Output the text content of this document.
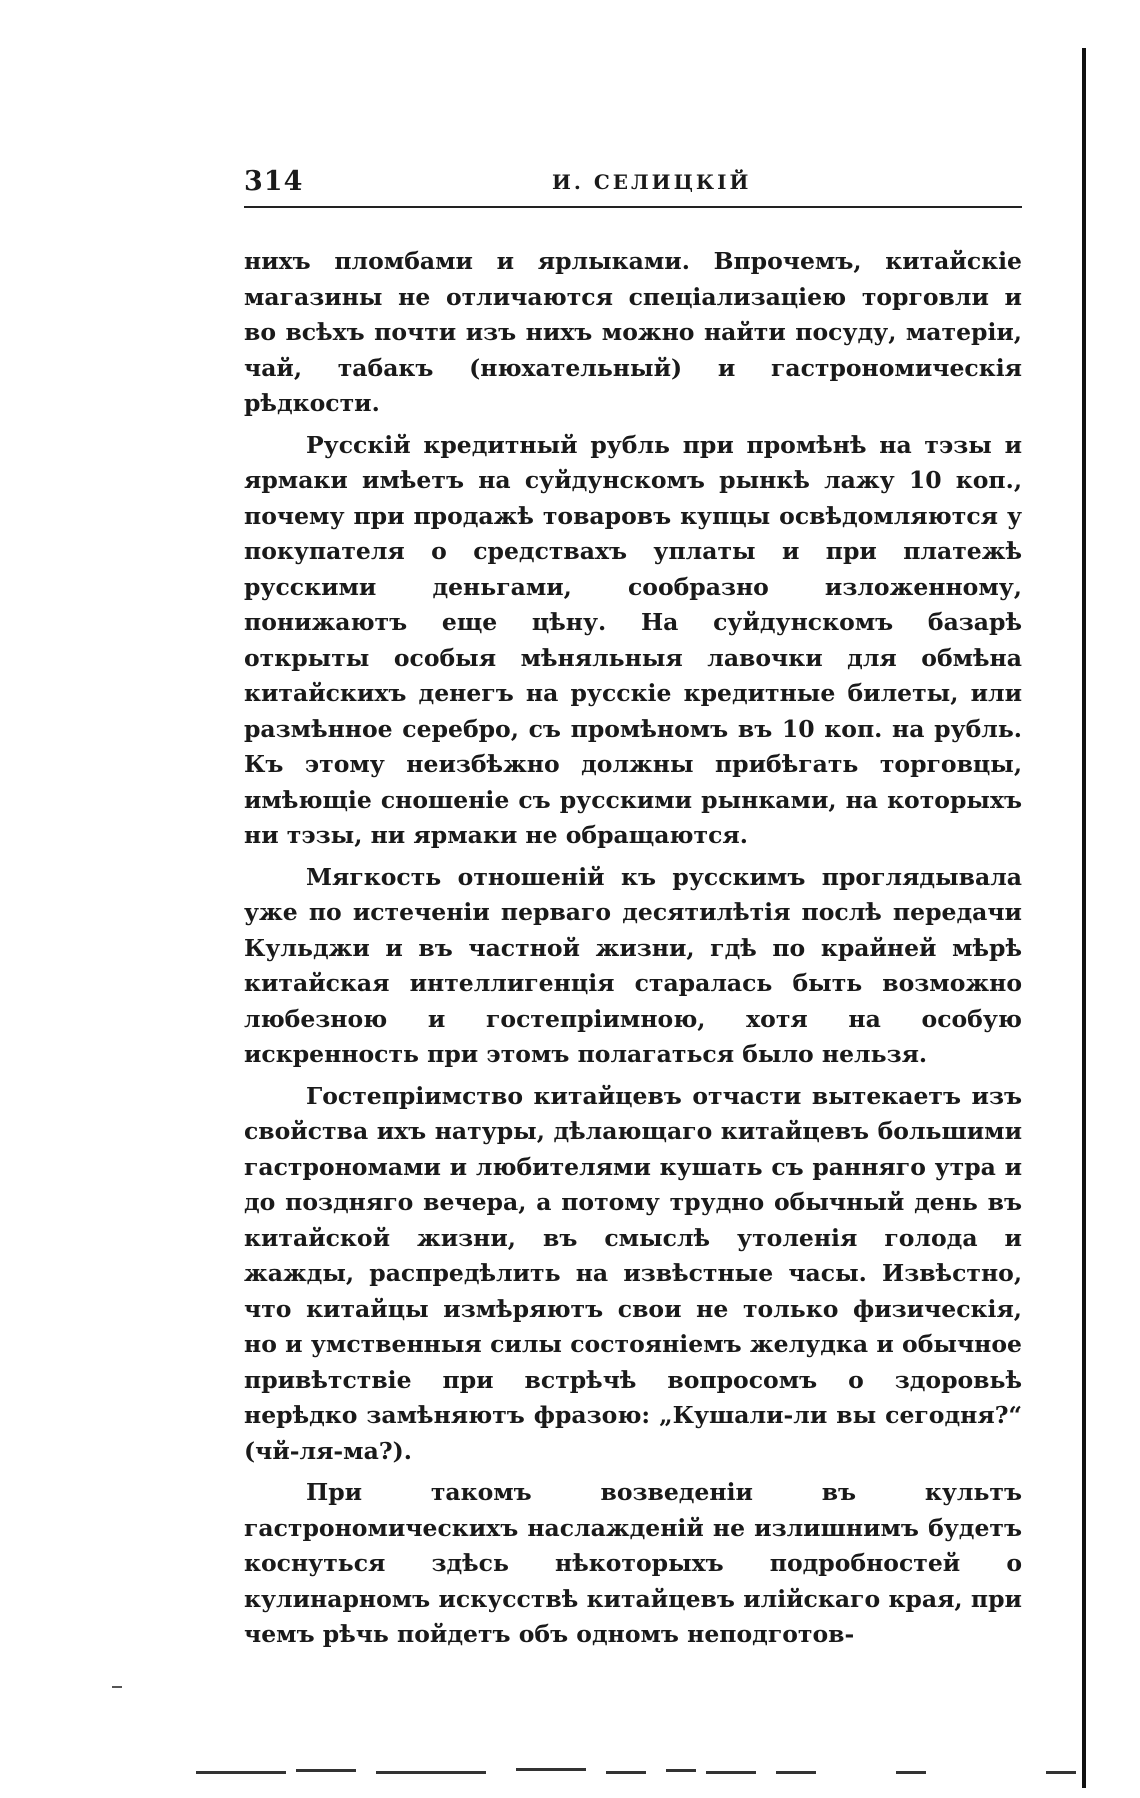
314	И. СЕЛИЦКІЙ

нихъ пломбами и ярлыками. Впрочемъ, китайскіе магазины не отличаются спеціализаціею торговли и во всѣхъ почти изъ нихъ можно найти посуду, матеріи, чай, табакъ (нюхательный) и гастрономическія рѣдкости.

Русскій кредитный рубль при промѣнѣ на тэзы и ярмаки имѣетъ на суйдунскомъ рынкѣ лажу 10 коп., почему при продажѣ товаровъ купцы освѣдомляются у покупателя о средствахъ уплаты и при платежѣ русскими деньгами, сообразно изложенному, понижаютъ еще цѣну. На суйдунскомъ базарѣ открыты особыя мѣняльныя лавочки для обмѣна китайскихъ денегъ на русскіе кредитные билеты, или размѣнное серебро, съ промѣномъ въ 10 коп. на рубль. Къ этому неизбѣжно должны прибѣгать торговцы, имѣющіе сношеніе съ русскими рынками, на которыхъ ни тэзы, ни ярмаки не обращаются.

Мягкость отношеній къ русскимъ проглядывала уже по истеченіи перваго десятилѣтія послѣ передачи Кульджи и въ частной жизни, гдѣ по крайней мѣрѣ китайская интеллигенція старалась быть возможно любезною и гостепріимною, хотя на особую искренность при этомъ полагаться было нельзя.

Гостепріимство китайцевъ отчасти вытекаетъ изъ свойства ихъ натуры, дѣлающаго китайцевъ большими гастрономами и любителями кушать съ ранняго утра и до поздняго вечера, а потому трудно обычный день въ китайской жизни, въ смыслѣ утоленія голода и жажды, распредѣлить на извѣстные часы. Извѣстно, что китайцы измѣряютъ свои не только физическія, но и умственныя силы состояніемъ желудка и обычное привѣтствіе при встрѣчѣ вопросомъ о здоровьѣ нерѣдко замѣняютъ фразою: „Кушали-ли вы сегодня?“ (чй-ля-ма?).

При такомъ возведеніи въ культъ гастрономическихъ наслажденій не излишнимъ будетъ коснуться здѣсь нѣкоторыхъ подробностей о кулинарномъ искусствѣ китайцевъ илійскаго края, при чемъ рѣчь пойдетъ объ одномъ неподготов-
